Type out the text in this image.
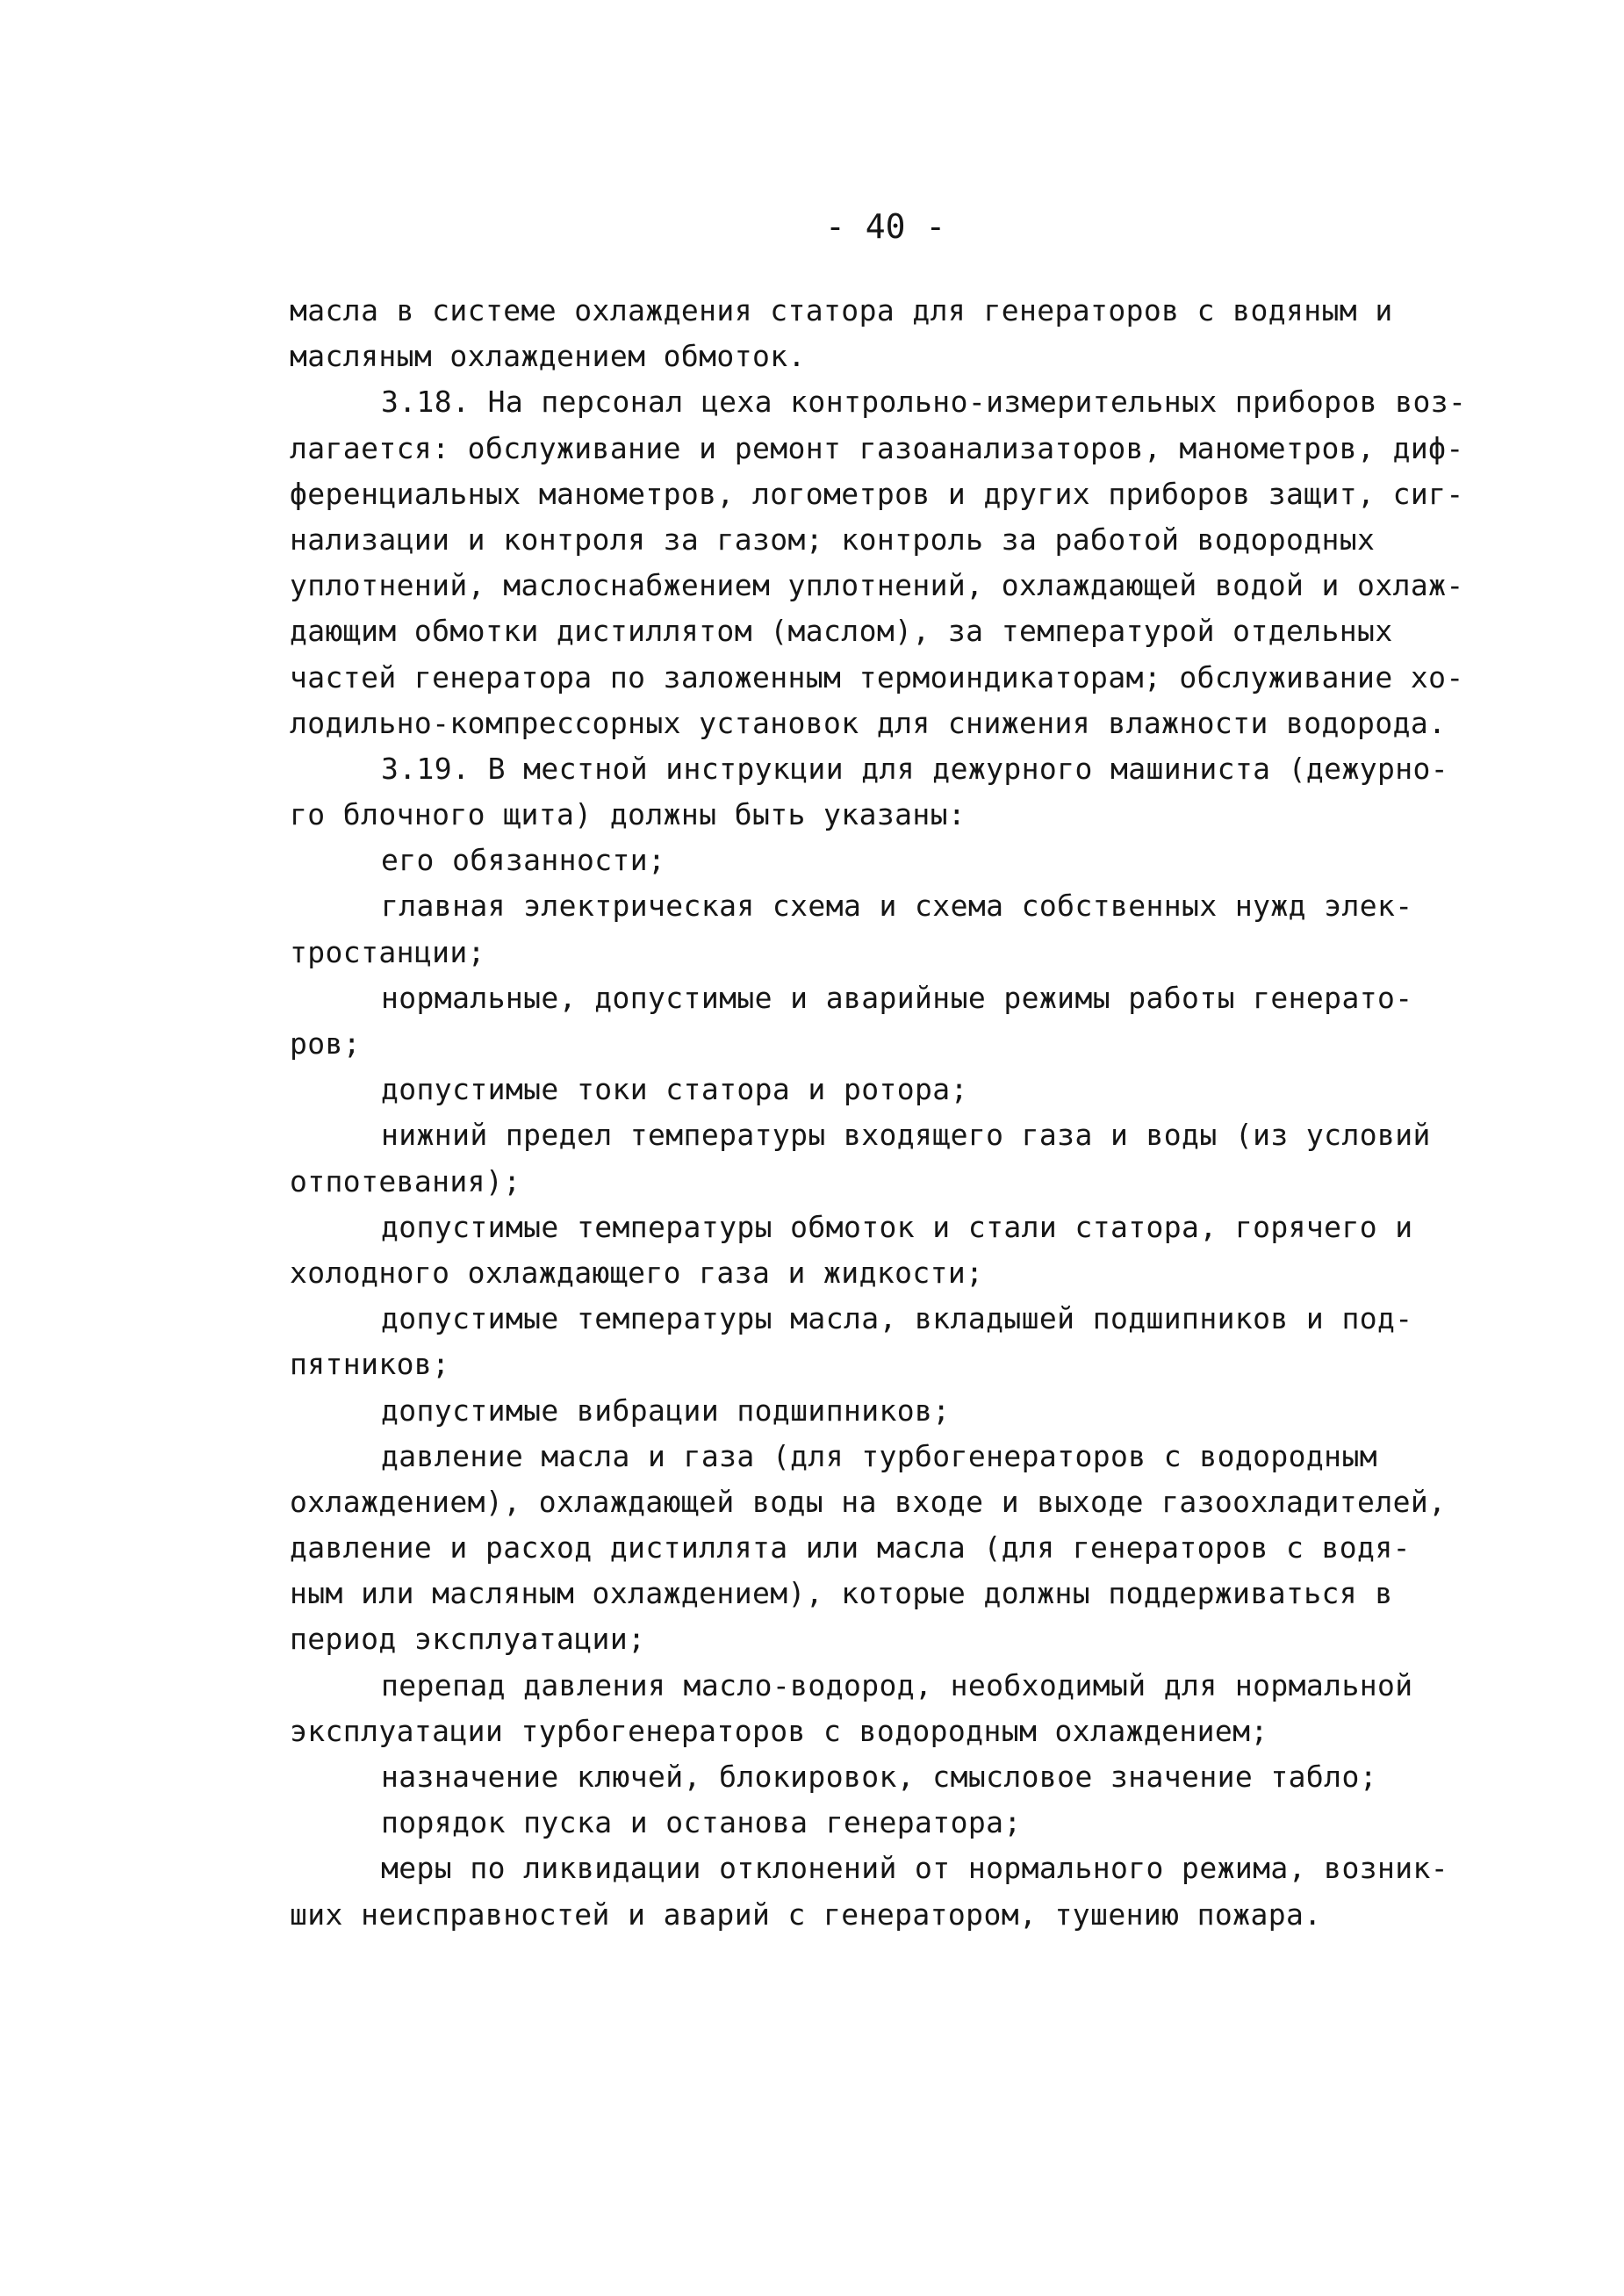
- 40 -
масла в системе охлаждения статора для генераторов с водяным и
масляным охлаждением обмоток.
3.18. На персонал цеха контрольно-измерительных приборов воз-
лагается: обслуживание и ремонт газоанализаторов, манометров, диф-
ференциальных манометров, логометров и других приборов защит, сиг-
нализации и контроля за газом; контроль за работой водородных
уплотнений, маслоснабжением уплотнений, охлаждающей водой и охлаж-
дающим обмотки дистиллятом (маслом), за температурой отдельных
частей генератора по заложенным термоиндикаторам; обслуживание хо-
лодильно-компрессорных установок для снижения влажности водорода.
3.19. В местной инструкции для дежурного машиниста (дежурно-
го блочного щита) должны быть указаны:
его обязанности;
главная электрическая схема и схема собственных нужд элек-
тростанции;
нормальные, допустимые и аварийные режимы работы генерато-
ров;
допустимые токи статора и ротора;
нижний предел температуры входящего газа и воды (из условий
отпотевания);
допустимые температуры обмоток и стали статора, горячего и
холодного охлаждающего газа и жидкости;
допустимые температуры масла, вкладышей подшипников и под-
пятников;
допустимые вибрации подшипников;
давление масла и газа (для турбогенераторов с водородным
охлаждением), охлаждающей воды на входе и выходе газоохладителей,
давление и расход дистиллята или масла (для генераторов с водя-
ным или масляным охлаждением), которые должны поддерживаться в
период эксплуатации;
перепад давления масло-водород, необходимый для нормальной
эксплуатации турбогенераторов с водородным охлаждением;
назначение ключей, блокировок, смысловое значение табло;
порядок пуска и останова генератора;
меры по ликвидации отклонений от нормального режима, возник-
ших неисправностей и аварий с генератором, тушению пожара.
